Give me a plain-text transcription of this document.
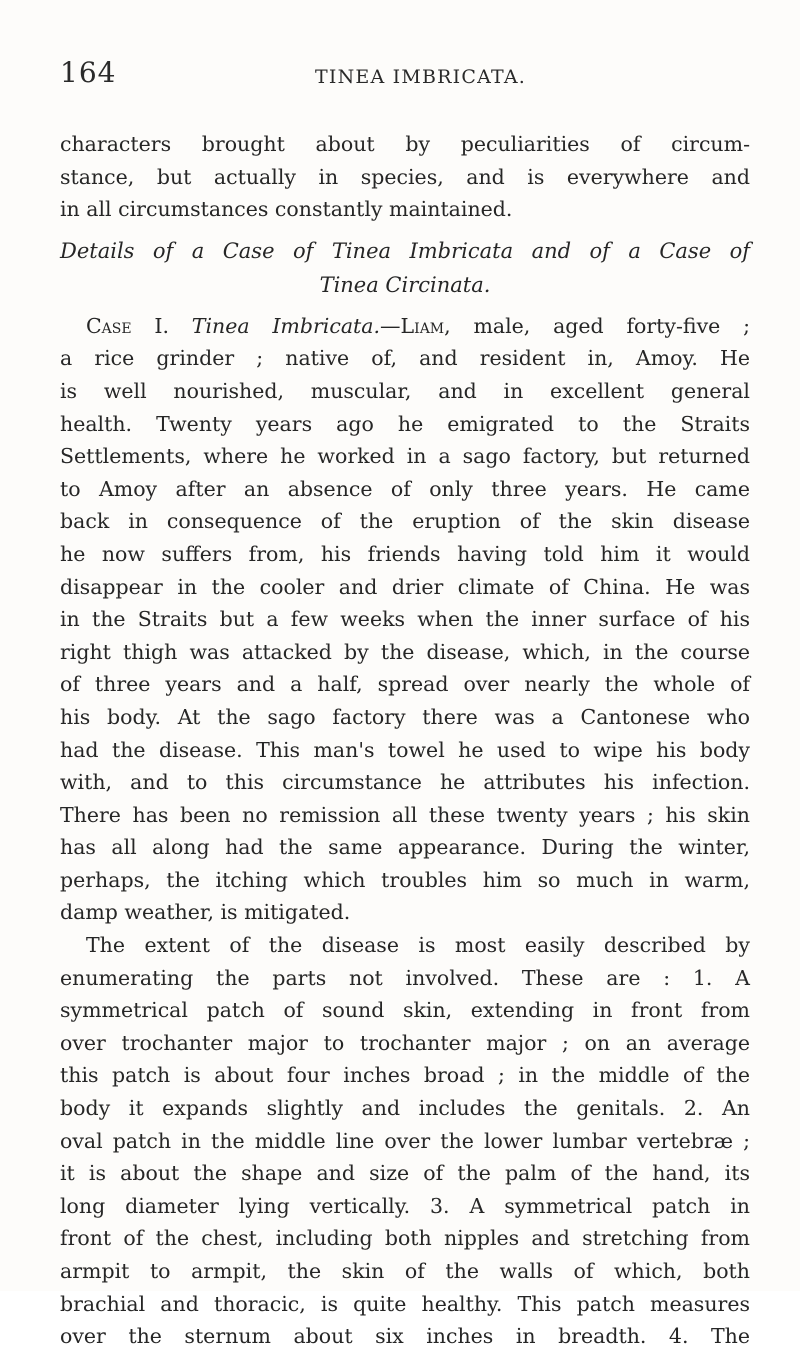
164	TINEA IMBRICATA.
characters brought about by peculiarities of circum-
stance, but actually in species, and is everywhere and
in all circumstances constantly maintained.
Details of a Case of Tinea Imbricata and of a Case of
Tinea Circinata.
Case I. Tinea Imbricata.—Liam, male, aged forty-five ;
a rice grinder ; native of, and resident in, Amoy. He
is well nourished, muscular, and in excellent general
health. Twenty years ago he emigrated to the Straits
Settlements, where he worked in a sago factory, but returned
to Amoy after an absence of only three years. He came
back in consequence of the eruption of the skin disease
he now suffers from, his friends having told him it would
disappear in the cooler and drier climate of China. He was
in the Straits but a few weeks when the inner surface of his
right thigh was attacked by the disease, which, in the course
of three years and a half, spread over nearly the whole of
his body. At the sago factory there was a Cantonese who
had the disease. This man's towel he used to wipe his body
with, and to this circumstance he attributes his infection.
There has been no remission all these twenty years ; his skin
has all along had the same appearance. During the winter,
perhaps, the itching which troubles him so much in warm,
damp weather, is mitigated.
The extent of the disease is most easily described by
enumerating the parts not involved. These are : 1. A
symmetrical patch of sound skin, extending in front from
over trochanter major to trochanter major ; on an average
this patch is about four inches broad ; in the middle of the
body it expands slightly and includes the genitals. 2. An
oval patch in the middle line over the lower lumbar vertebræ ;
it is about the shape and size of the palm of the hand, its
long diameter lying vertically. 3. A symmetrical patch in
front of the chest, including both nipples and stretching from
armpit to armpit, the skin of the walls of which, both
brachial and thoracic, is quite healthy. This patch measures
over the sternum about six inches in breadth. 4. The
